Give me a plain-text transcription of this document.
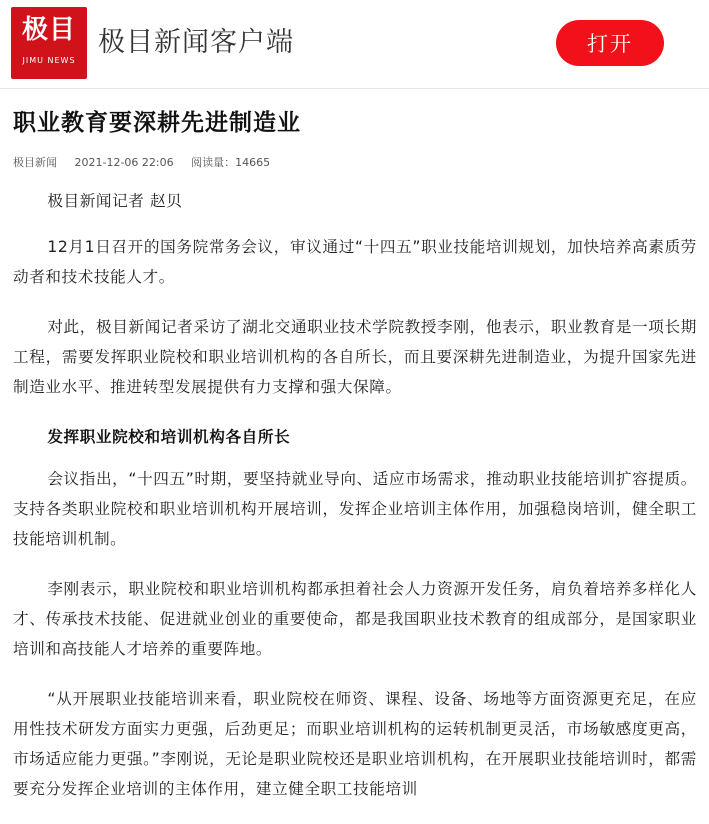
极目
JIMU NEWS
极目新闻客户端	打开
职业教育要深耕先进制造业
极目新闻 2021-12-06 22:06 阅读量：14665

极目新闻记者 赵贝

12月1日召开的国务院常务会议，审议通过“十四五”职业技能培训规划，加快培养高素质劳动者和技术技能人才。

对此，极目新闻记者采访了湖北交通职业技术学院教授李刚，他表示，职业教育是一项长期工程，需要发挥职业院校和职业培训机构的各自所长，而且要深耕先进制造业，为提升国家先进制造业水平、推进转型发展提供有力支撑和强大保障。

发挥职业院校和培训机构各自所长

会议指出，“十四五”时期，要坚持就业导向、适应市场需求，推动职业技能培训扩容提质。支持各类职业院校和职业培训机构开展培训，发挥企业培训主体作用，加强稳岗培训，健全职工技能培训机制。

李刚表示，职业院校和职业培训机构都承担着社会人力资源开发任务，肩负着培养多样化人才、传承技术技能、促进就业创业的重要使命，都是我国职业技术教育的组成部分，是国家职业培训和高技能人才培养的重要阵地。

“从开展职业技能培训来看，职业院校在师资、课程、设备、场地等方面资源更充足，在应用性技术研发方面实力更强，后劲更足；而职业培训机构的运转机制更灵活，市场敏感度更高，市场适应能力更强。”李刚说，无论是职业院校还是职业培训机构，在开展职业技能培训时，都需要充分发挥企业培训的主体作用，建立健全职工技能培训
